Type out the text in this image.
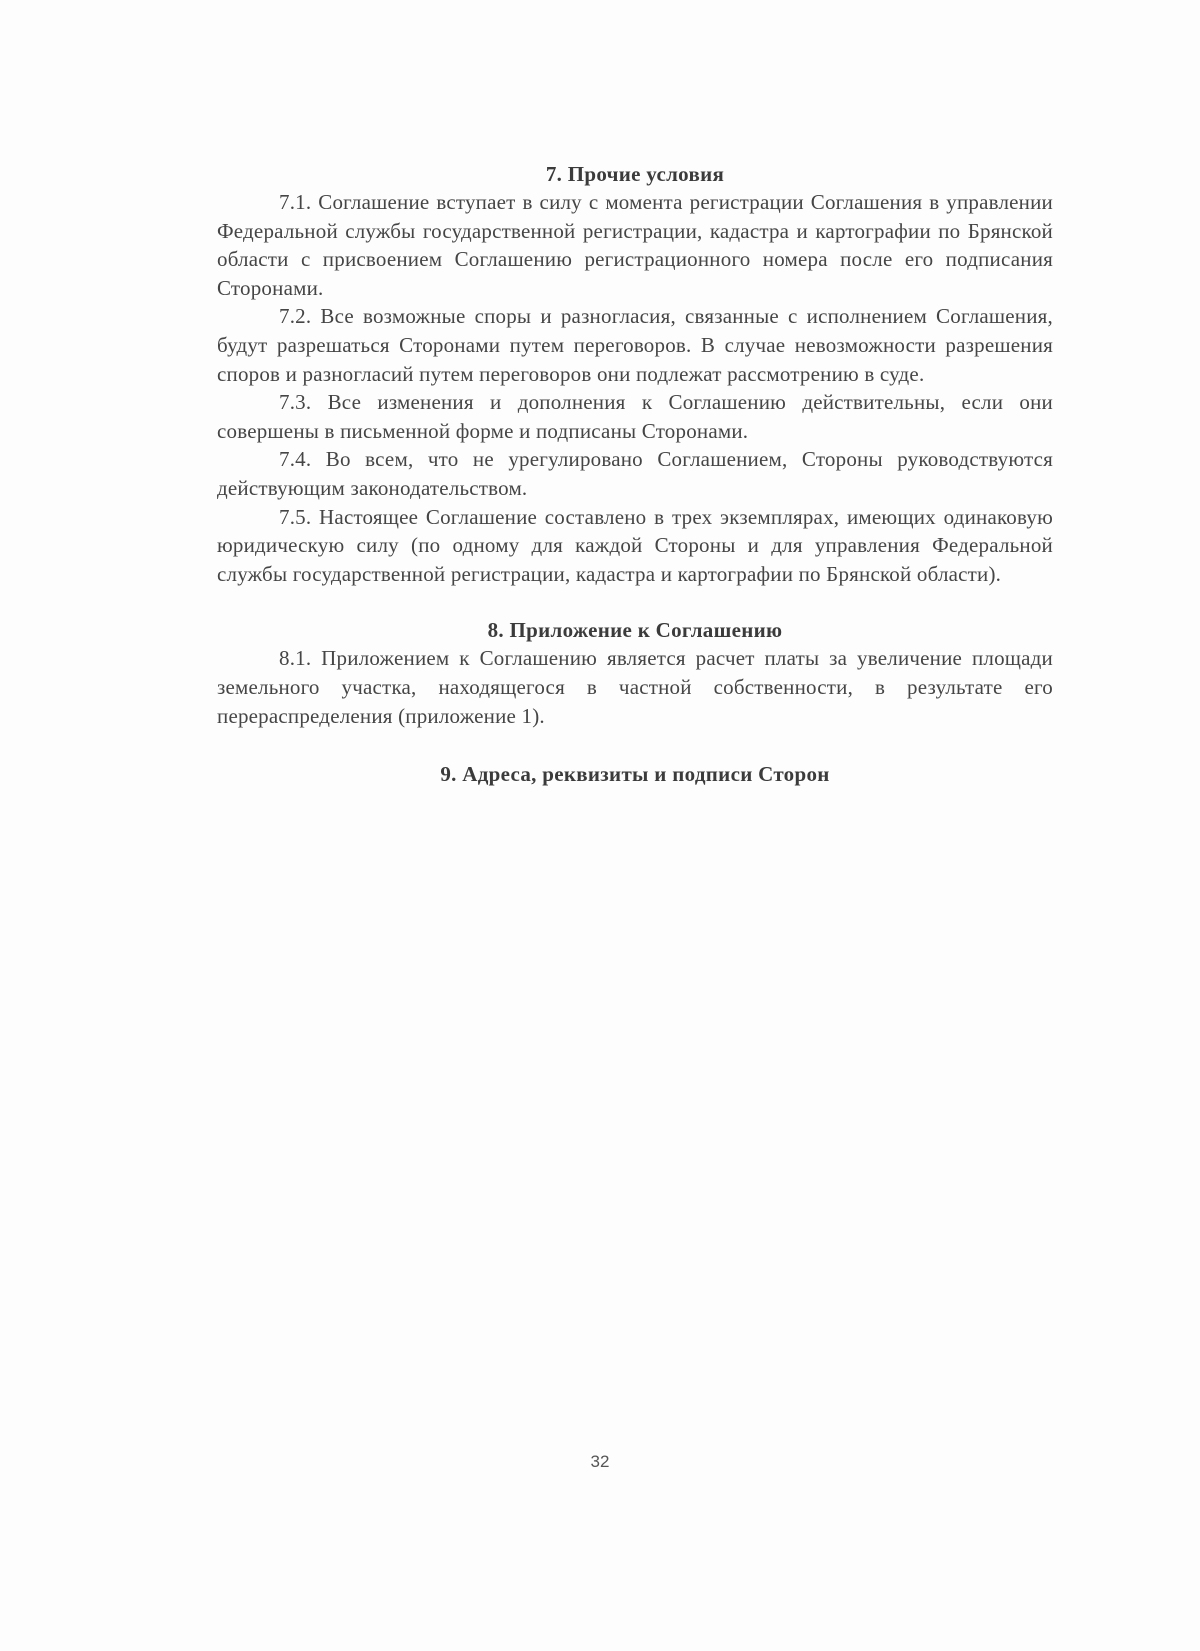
7. Прочие условия

7.1. Соглашение вступает в силу с момента регистрации Соглашения в управлении Федеральной службы государственной регистрации, кадастра и картографии по Брянской области с присвоением Соглашению регистрационного номера после его подписания Сторонами.

7.2. Все возможные споры и разногласия, связанные с исполнением Соглашения, будут разрешаться Сторонами путем переговоров. В случае невозможности разрешения споров и разногласий путем переговоров они подлежат рассмотрению в суде.

7.3. Все изменения и дополнения к Соглашению действительны, если они совершены в письменной форме и подписаны Сторонами.

7.4. Во всем, что не урегулировано Соглашением, Стороны руководствуются действующим законодательством.

7.5. Настоящее Соглашение составлено в трех экземплярах, имеющих одинаковую юридическую силу (по одному для каждой Стороны и для управления Федеральной службы государственной регистрации, кадастра и картографии по Брянской области).

8. Приложение к Соглашению

8.1. Приложением к Соглашению является расчет платы за увеличение площади земельного участка, находящегося в частной собственности, в результате его перераспределения (приложение 1).

9. Адреса, реквизиты и подписи Сторон
32
